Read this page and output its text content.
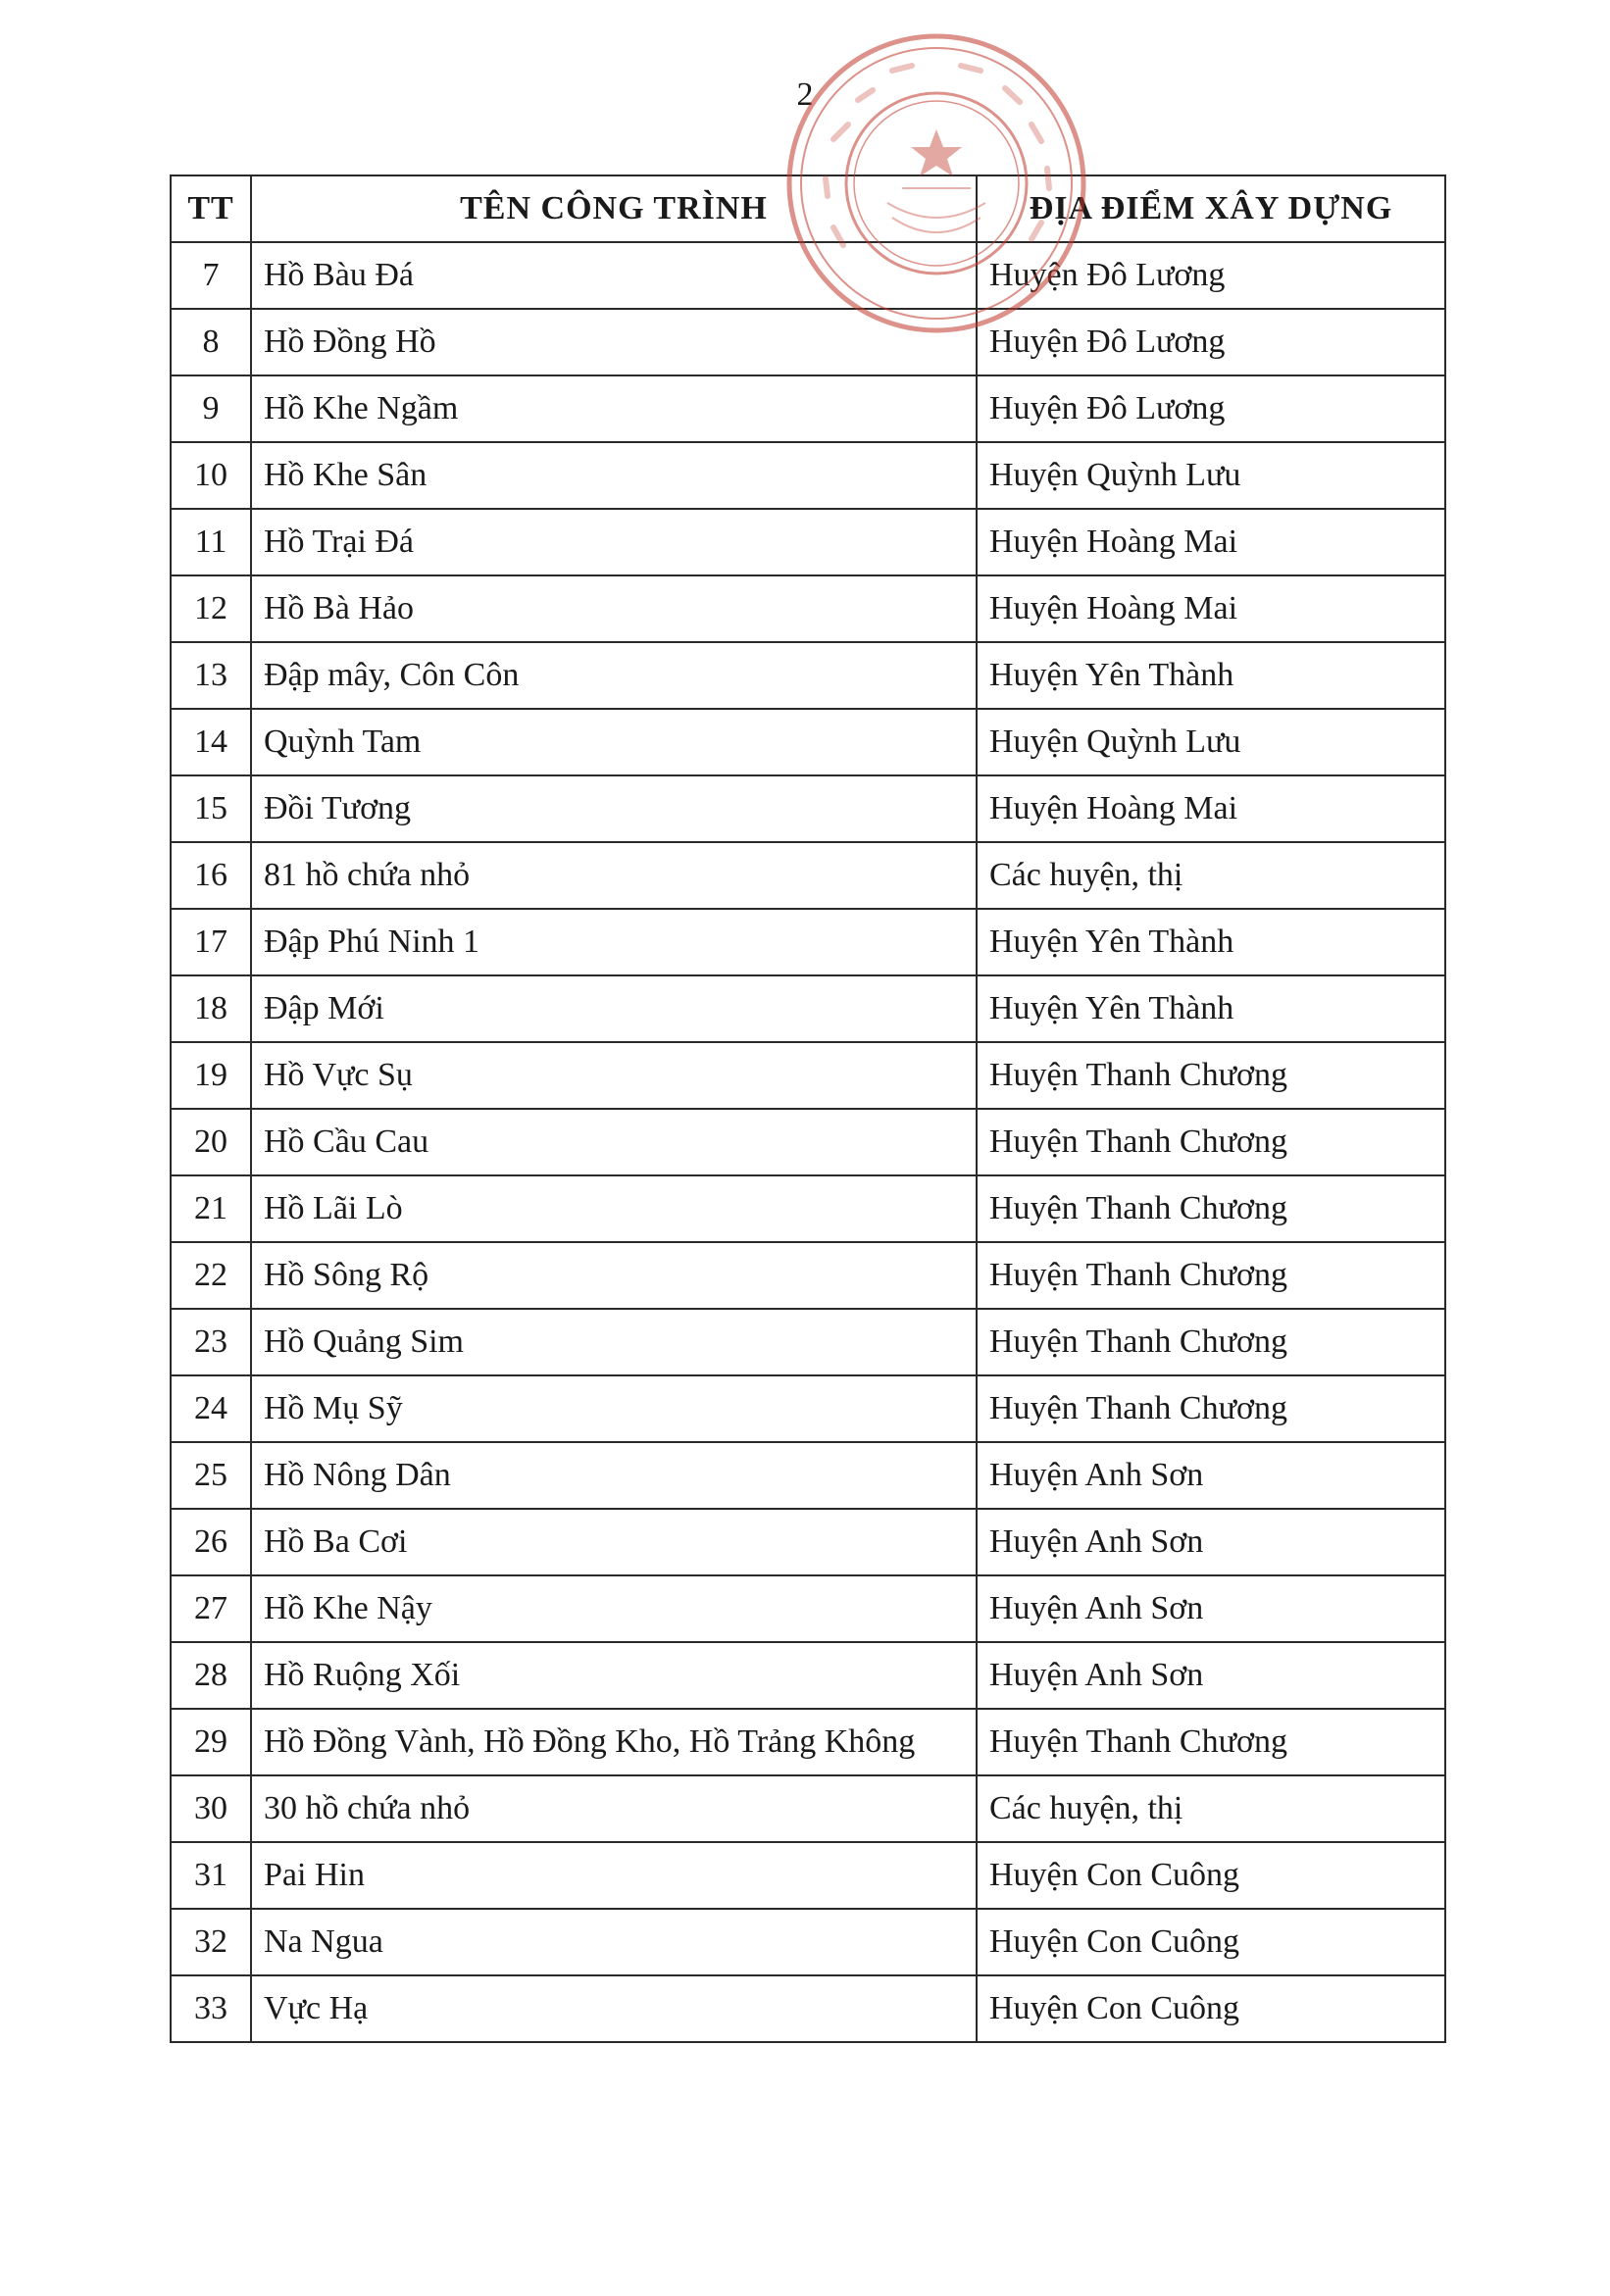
2
TT	TÊN CÔNG TRÌNH	ĐỊA ĐIỂM XÂY DỰNG
7	Hồ Bàu Đá	Huyện Đô Lương
8	Hồ Đồng Hồ	Huyện Đô Lương
9	Hồ Khe Ngầm	Huyện Đô Lương
10	Hồ Khe Sân	Huyện Quỳnh Lưu
11	Hồ Trại Đá	Huyện Hoàng Mai
12	Hồ Bà Hảo	Huyện Hoàng Mai
13	Đập mây, Côn Côn	Huyện Yên Thành
14	Quỳnh Tam	Huyện Quỳnh Lưu
15	Đồi Tương	Huyện Hoàng Mai
16	81 hồ chứa nhỏ	Các huyện, thị
17	Đập Phú Ninh 1	Huyện Yên Thành
18	Đập Mới	Huyện Yên Thành
19	Hồ Vực Sụ	Huyện Thanh Chương
20	Hồ Cầu Cau	Huyện Thanh Chương
21	Hồ Lãi Lò	Huyện Thanh Chương
22	Hồ Sông Rộ	Huyện Thanh Chương
23	Hồ Quảng Sim	Huyện Thanh Chương
24	Hồ Mụ Sỹ	Huyện Thanh Chương
25	Hồ Nông Dân	Huyện Anh Sơn
26	Hồ Ba Cơi	Huyện Anh Sơn
27	Hồ Khe Nậy	Huyện Anh Sơn
28	Hồ Ruộng Xối	Huyện Anh Sơn
29	Hồ Đồng Vành, Hồ Đồng Kho, Hồ Trảng Không	Huyện Thanh Chương
30	30 hồ chứa nhỏ	Các huyện, thị
31	Pai Hin	Huyện Con Cuông
32	Na Ngua	Huyện Con Cuông
33	Vực Hạ	Huyện Con Cuông
